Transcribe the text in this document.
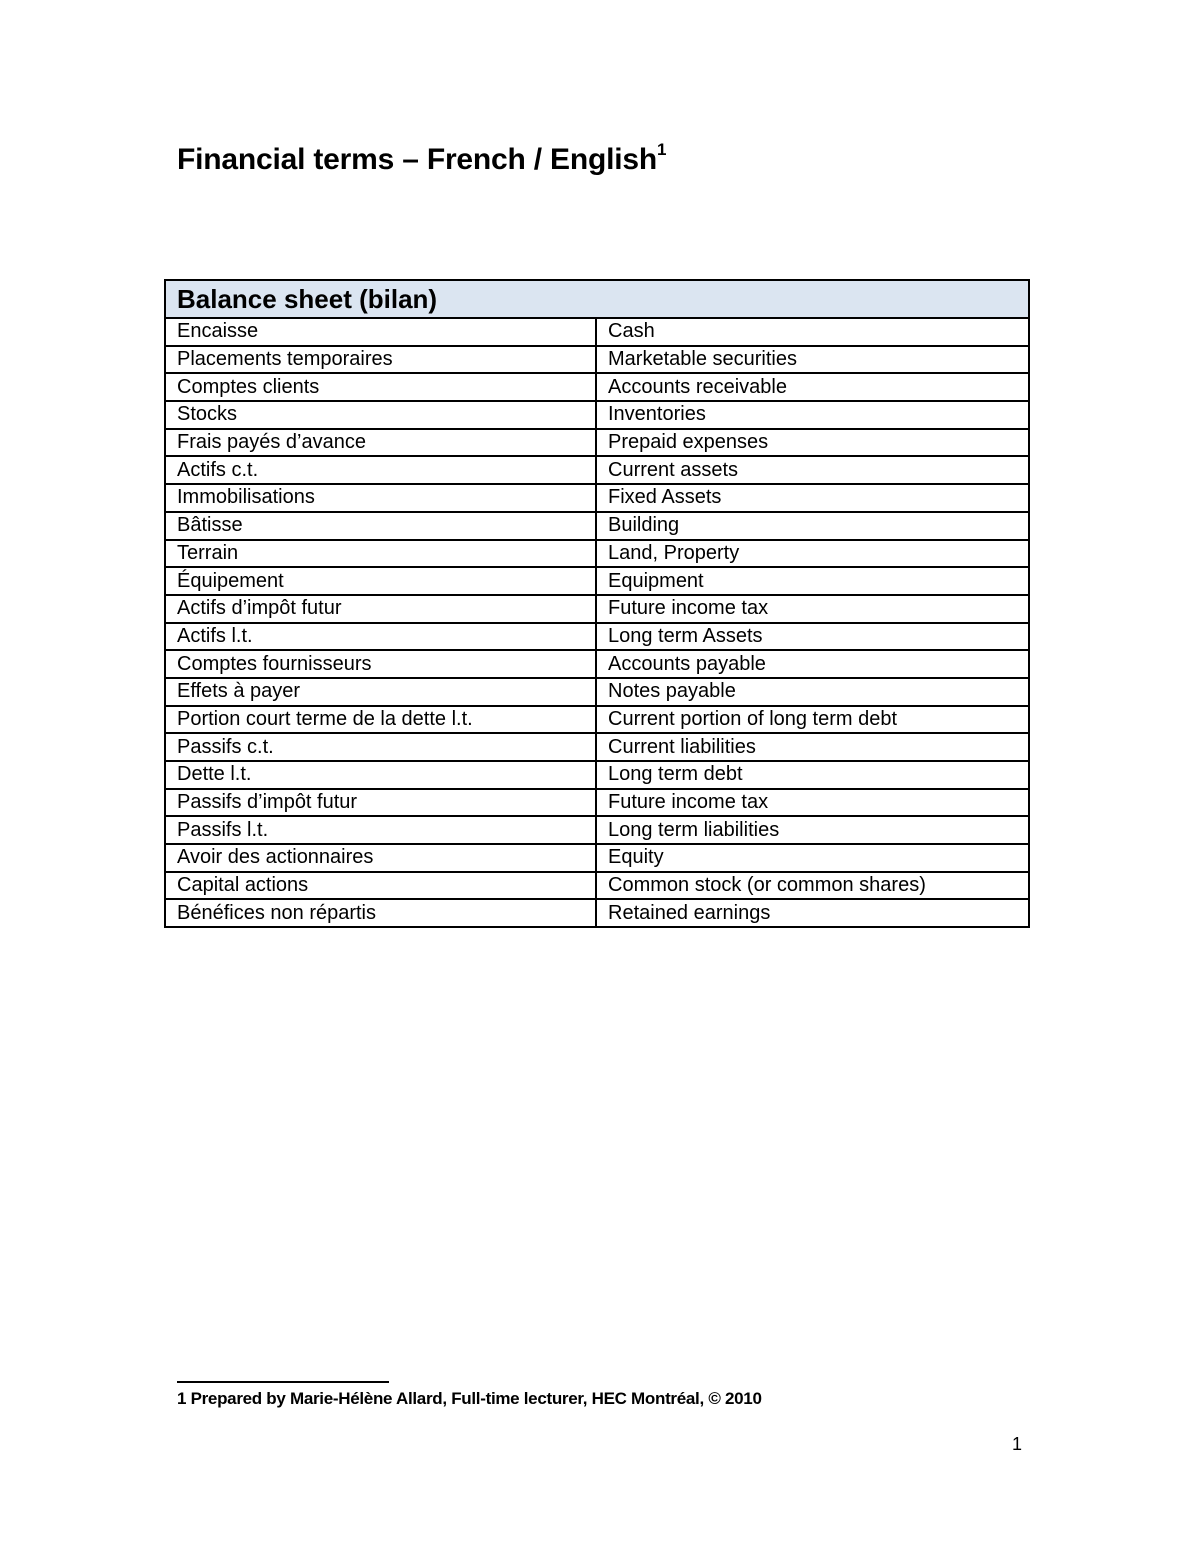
Financial terms – French / English$^1$
Balance sheet (bilan)	
Encaisse	Cash
Placements temporaires	Marketable securities
Comptes clients	Accounts receivable
Stocks	Inventories
Frais payés d’avance	Prepaid expenses
Actifs c.t.	Current assets
Immobilisations	Fixed Assets
Bâtisse	Building
Terrain	Land, Property
Équipement	Equipment
Actifs d’impôt futur	Future income tax
Actifs l.t.	Long term Assets
Comptes fournisseurs	Accounts payable
Effets à payer	Notes payable
Portion court terme de la dette l.t.	Current portion of long term debt
Passifs c.t.	Current liabilities
Dette l.t.	Long term debt
Passifs d’impôt futur	Future income tax
Passifs l.t.	Long term liabilities
Avoir des actionnaires	Equity
Capital actions	Common stock (or common shares)
Bénéfices non répartis	Retained earnings
1 Prepared by Marie-Hélène Allard, Full-time lecturer, HEC Montréal, © 2010
1
